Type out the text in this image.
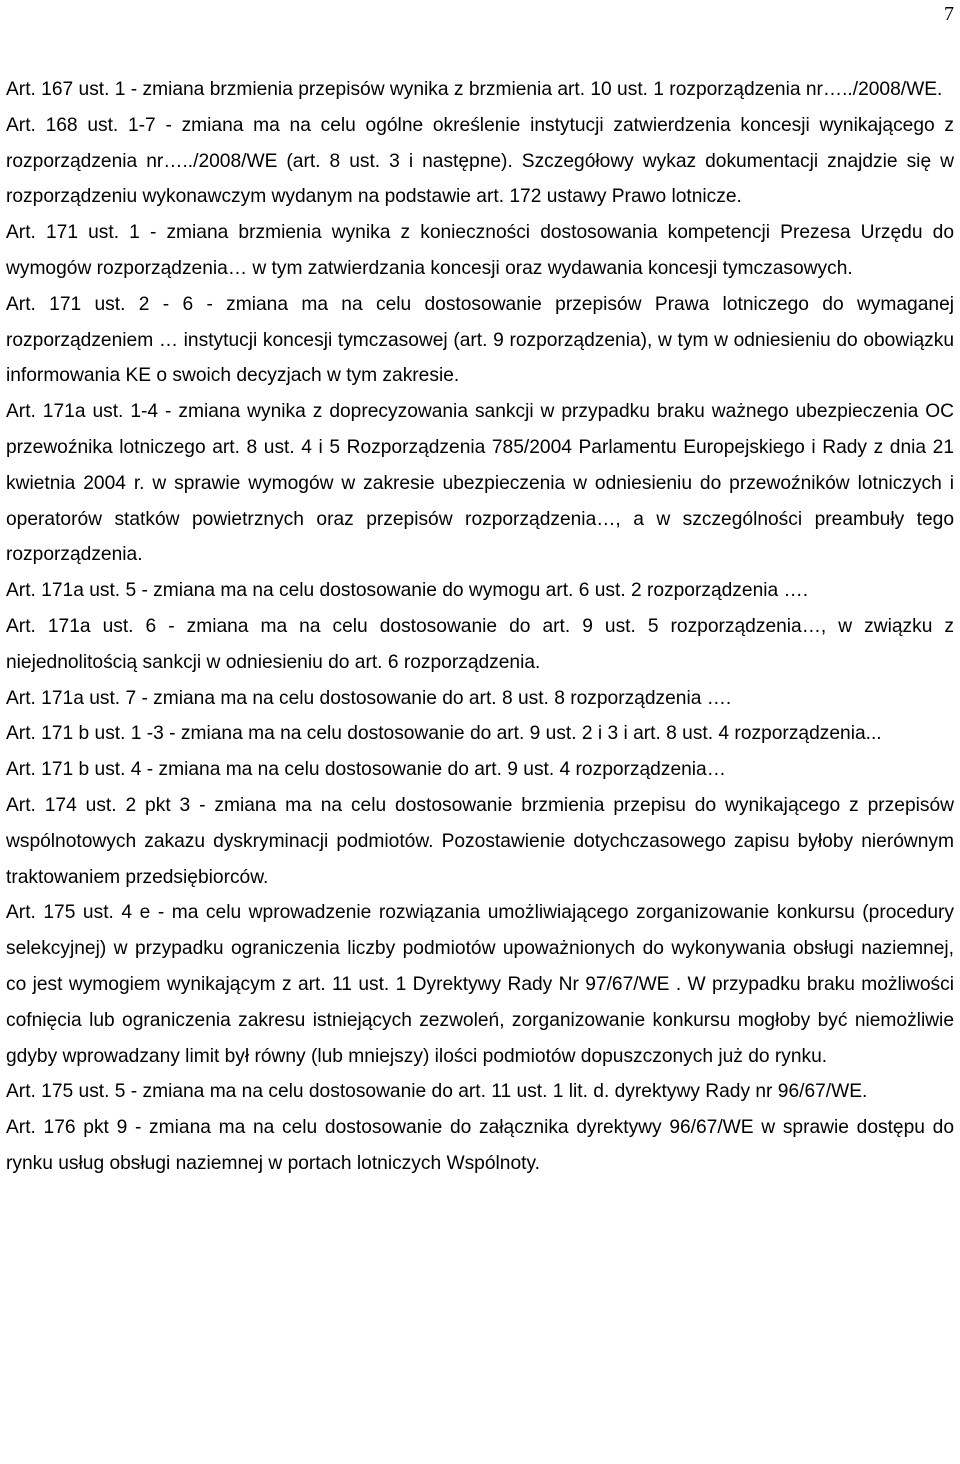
7

Art. 167 ust. 1 - zmiana brzmienia przepisów wynika z brzmienia art. 10 ust. 1 rozporządzenia nr…../2008/WE.

Art. 168 ust. 1-7 - zmiana ma na celu ogólne określenie instytucji zatwierdzenia koncesji wynikającego z rozporządzenia nr…../2008/WE (art. 8 ust. 3 i następne). Szczegółowy wykaz dokumentacji znajdzie się w rozporządzeniu wykonawczym wydanym na podstawie art. 172 ustawy Prawo lotnicze.

Art. 171 ust. 1 - zmiana brzmienia wynika z konieczności dostosowania kompetencji Prezesa Urzędu do wymogów rozporządzenia… w tym zatwierdzania koncesji oraz wydawania koncesji tymczasowych.

Art. 171 ust. 2 - 6 - zmiana ma na celu dostosowanie przepisów Prawa lotniczego do wymaganej rozporządzeniem … instytucji koncesji tymczasowej (art. 9 rozporządzenia), w tym w odniesieniu do obowiązku informowania KE o swoich decyzjach w tym zakresie.

Art. 171a ust. 1-4 - zmiana wynika z doprecyzowania sankcji w przypadku braku ważnego ubezpieczenia OC przewoźnika lotniczego art. 8 ust. 4 i 5 Rozporządzenia 785/2004 Parlamentu Europejskiego i Rady z dnia 21 kwietnia 2004 r. w sprawie wymogów w zakresie ubezpieczenia w odniesieniu do przewoźników lotniczych i operatorów statków powietrznych oraz przepisów rozporządzenia…, a w szczególności preambuły tego rozporządzenia.

Art. 171a ust. 5 - zmiana ma na celu dostosowanie do wymogu art. 6 ust. 2 rozporządzenia ….

Art. 171a ust. 6 - zmiana ma na celu dostosowanie do art. 9 ust. 5 rozporządzenia…, w związku z niejednolitością sankcji w odniesieniu do art. 6 rozporządzenia.

Art. 171a ust. 7 - zmiana ma na celu dostosowanie do art. 8 ust. 8 rozporządzenia ….

Art. 171 b ust. 1 -3 - zmiana ma na celu dostosowanie do art. 9 ust. 2 i 3 i art. 8 ust. 4 rozporządzenia...

Art. 171 b ust. 4 - zmiana ma na celu dostosowanie do art. 9 ust. 4 rozporządzenia…

Art. 174 ust. 2 pkt 3 - zmiana ma na celu dostosowanie brzmienia przepisu do wynikającego z przepisów wspólnotowych zakazu dyskryminacji podmiotów. Pozostawienie dotychczasowego zapisu byłoby nierównym traktowaniem przedsiębiorców.

Art. 175 ust. 4 e - ma celu wprowadzenie rozwiązania umożliwiającego zorganizowanie konkursu (procedury selekcyjnej) w przypadku ograniczenia liczby podmiotów upoważnionych do wykonywania obsługi naziemnej, co jest wymogiem wynikającym z art. 11 ust. 1 Dyrektywy Rady Nr 97/67/WE . W przypadku braku możliwości cofnięcia lub ograniczenia zakresu istniejących zezwoleń, zorganizowanie konkursu mogłoby być niemożliwie gdyby wprowadzany limit był równy (lub mniejszy) ilości podmiotów dopuszczonych już do rynku.

Art. 175 ust. 5 - zmiana ma na celu dostosowanie do art. 11 ust. 1 lit. d. dyrektywy Rady nr 96/67/WE.

Art. 176 pkt 9 - zmiana ma na celu dostosowanie do załącznika dyrektywy 96/67/WE w sprawie dostępu do rynku usług obsługi naziemnej w portach lotniczych Wspólnoty.
